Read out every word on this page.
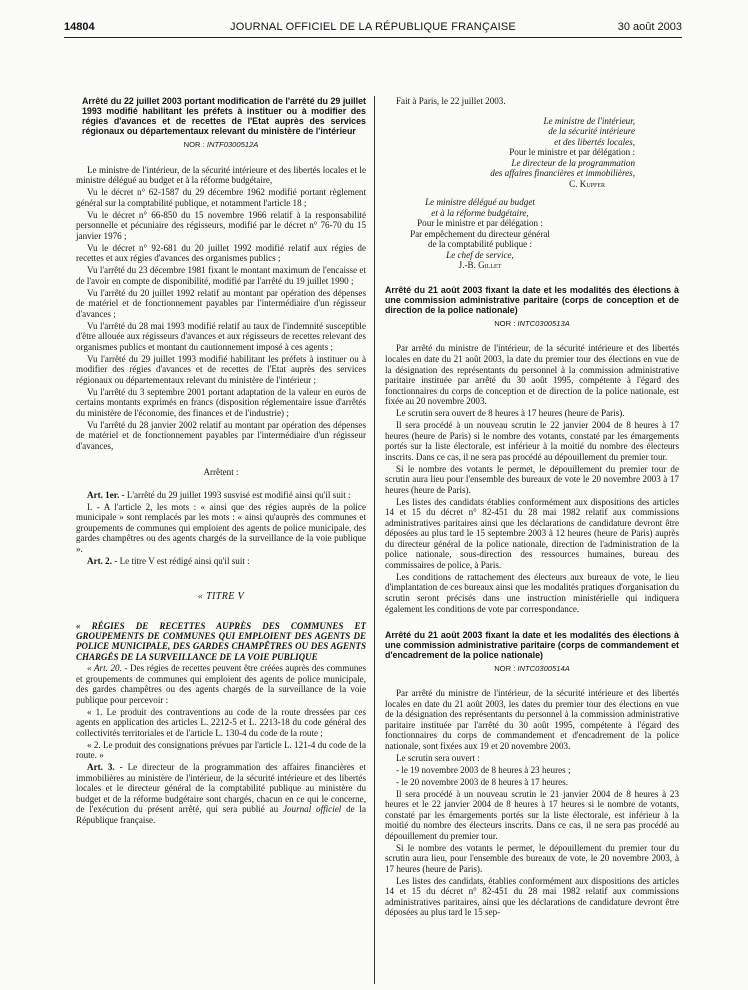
14804	JOURNAL OFFICIEL DE LA RÉPUBLIQUE FRANÇAISE	30 août 2003
Arrêté du 22 juillet 2003 portant modification de l'arrêté du 29 juillet 1993 modifié habilitant les préfets à instituer ou à modifier des régies d'avances et de recettes de l'Etat auprès des services régionaux ou départementaux relevant du ministère de l'intérieur
NOR : INTF0300512A

Le ministre de l'intérieur, de la sécurité intérieure et des libertés locales et le ministre délégué au budget et à la réforme budgétaire,

Vu le décret n° 62-1587 du 29 décembre 1962 modifié portant règlement général sur la comptabilité publique, et notamment l'article 18 ;

Vu le décret n° 66-850 du 15 novembre 1966 relatif à la responsabilité personnelle et pécuniaire des régisseurs, modifié par le décret n° 76-70 du 15 janvier 1976 ;

Vu le décret n° 92-681 du 20 juillet 1992 modifié relatif aux régies de recettes et aux régies d'avances des organismes publics ;

Vu l'arrêté du 23 décembre 1981 fixant le montant maximum de l'encaisse et de l'avoir en compte de disponibilité, modifié par l'arrêté du 19 juillet 1990 ;

Vu l'arrêté du 20 juillet 1992 relatif au montant par opération des dépenses de matériel et de fonctionnement payables par l'intermédiaire d'un régisseur d'avances ;

Vu l'arrêté du 28 mai 1993 modifié relatif au taux de l'indemnité susceptible d'être allouée aux régisseurs d'avances et aux régisseurs de recettes relevant des organismes publics et montant du cautionnement imposé à ces agents ;

Vu l'arrêté du 29 juillet 1993 modifié habilitant les préfets à instituer ou à modifier des régies d'avances et de recettes de l'Etat auprès des services régionaux ou départementaux relevant du ministère de l'intérieur ;

Vu l'arrêté du 3 septembre 2001 portant adaptation de la valeur en euros de certains montants exprimés en francs (disposition réglementaire issue d'arrêtés du ministère de l'économie, des finances et de l'industrie) ;

Vu l'arrêté du 28 janvier 2002 relatif au montant par opération des dépenses de matériel et de fonctionnement payables par l'intermédiaire d'un régisseur d'avances,

Arrêtent :

Art. 1er. - L'arrêté du 29 juillet 1993 susvisé est modifié ainsi qu'il suit :

I. - A l'article 2, les mots : « ainsi que des régies auprès de la police municipale » sont remplacés par les mots : « ainsi qu'auprès des communes et groupements de communes qui emploient des agents de police municipale, des gardes champêtres ou des agents chargés de la surveillance de la voie publique ».

Art. 2. - Le titre V est rédigé ainsi qu'il suit :

« TITRE V

« RÉGIES DE RECETTES AUPRÈS DES COMMUNES ET GROUPEMENTS DE COMMUNES QUI EMPLOIENT DES AGENTS DE POLICE MUNICIPALE, DES GARDES CHAMPÊTRES OU DES AGENTS CHARGÉS DE LA SURVEILLANCE DE LA VOIE PUBLIQUE

« Art. 20. - Des régies de recettes peuvent être créées auprès des communes et groupements de communes qui emploient des agents de police municipale, des gardes champêtres ou des agents chargés de la surveillance de la voie publique pour percevoir :

« 1. Le produit des contraventions au code de la route dressées par ces agents en application des articles L. 2212-5 et L. 2213-18 du code général des collectivités territoriales et de l'article L. 130-4 du code de la route ;

« 2. Le produit des consignations prévues par l'article L. 121-4 du code de la route. »

Art. 3. - Le directeur de la programmation des affaires financières et immobilières au ministère de l'intérieur, de la sécurité intérieure et des libertés locales et le directeur général de la comptabilité publique au ministère du budget et de la réforme budgétaire sont chargés, chacun en ce qui le concerne, de l'exécution du présent arrêté, qui sera publié au Journal officiel de la République française.

Fait à Paris, le 22 juillet 2003.

Le ministre de l'intérieur,
de la sécurité intérieure
et des libertés locales,
Pour le ministre et par délégation :
Le directeur de la programmation
des affaires financières et immobilières,
C. Kupfer
Le ministre délégué au budget
et à la réforme budgétaire,
Pour le ministre et par délégation :
Par empêchement du directeur général
de la comptabilité publique :
Le chef de service,
J.-B. Gillet
Arrêté du 21 août 2003 fixant la date et les modalités des élections à une commission administrative paritaire (corps de conception et de direction de la police nationale)
NOR : INTC0300513A

Par arrêté du ministre de l'intérieur, de la sécurité intérieure et des libertés locales en date du 21 août 2003, la date du premier tour des élections en vue de la désignation des représentants du personnel à la commission administrative paritaire instituée par arrêté du 30 août 1995, compétente à l'égard des fonctionnaires du corps de conception et de direction de la police nationale, est fixée au 20 novembre 2003.

Le scrutin sera ouvert de 8 heures à 17 heures (heure de Paris).

Il sera procédé à un nouveau scrutin le 22 janvier 2004 de 8 heures à 17 heures (heure de Paris) si le nombre des votants, constaté par les émargements portés sur la liste électorale, est inférieur à la moitié du nombre des électeurs inscrits. Dans ce cas, il ne sera pas procédé au dépouillement du premier tour.

Si le nombre des votants le permet, le dépouillement du premier tour de scrutin aura lieu pour l'ensemble des bureaux de vote le 20 novembre 2003 à 17 heures (heure de Paris).

Les listes des candidats établies conformément aux dispositions des articles 14 et 15 du décret n° 82-451 du 28 mai 1982 relatif aux commissions administratives paritaires ainsi que les déclarations de candidature devront être déposées au plus tard le 15 septembre 2003 à 12 heures (heure de Paris) auprès du directeur général de la police nationale, direction de l'administration de la police nationale, sous-direction des ressources humaines, bureau des commissaires de police, à Paris.

Les conditions de rattachement des électeurs aux bureaux de vote, le lieu d'implantation de ces bureaux ainsi que les modalités pratiques d'organisation du scrutin seront précisés dans une instruction ministérielle qui indiquera également les conditions de vote par correspondance.

Arrêté du 21 août 2003 fixant la date et les modalités des élections à une commission administrative paritaire (corps de commandement et d'encadrement de la police nationale)
NOR : INTC0300514A

Par arrêté du ministre de l'intérieur, de la sécurité intérieure et des libertés locales en date du 21 août 2003, les dates du premier tour des élections en vue de la désignation des représentants du personnel à la commission administrative paritaire instituée par l'arrêté du 30 août 1995, compétente à l'égard des fonctionnaires du corps de commandement et d'encadrement de la police nationale, sont fixées aux 19 et 20 novembre 2003.

Le scrutin sera ouvert :

- le 19 novembre 2003 de 8 heures à 23 heures ;

- le 20 novembre 2003 de 8 heures à 17 heures.

Il sera procédé à un nouveau scrutin le 21 janvier 2004 de 8 heures à 23 heures et le 22 janvier 2004 de 8 heures à 17 heures si le nombre de votants, constaté par les émargements portés sur la liste électorale, est inférieur à la moitié du nombre des électeurs inscrits. Dans ce cas, il ne sera pas procédé au dépouillement du premier tour.

Si le nombre des votants le permet, le dépouillement du premier tour du scrutin aura lieu, pour l'ensemble des bureaux de vote, le 20 novembre 2003, à 17 heures (heure de Paris).

Les listes des candidats, établies conformément aux dispositions des articles 14 et 15 du décret n° 82-451 du 28 mai 1982 relatif aux commissions administratives paritaires, ainsi que les déclarations de candidature devront être déposées au plus tard le 15 sep-
